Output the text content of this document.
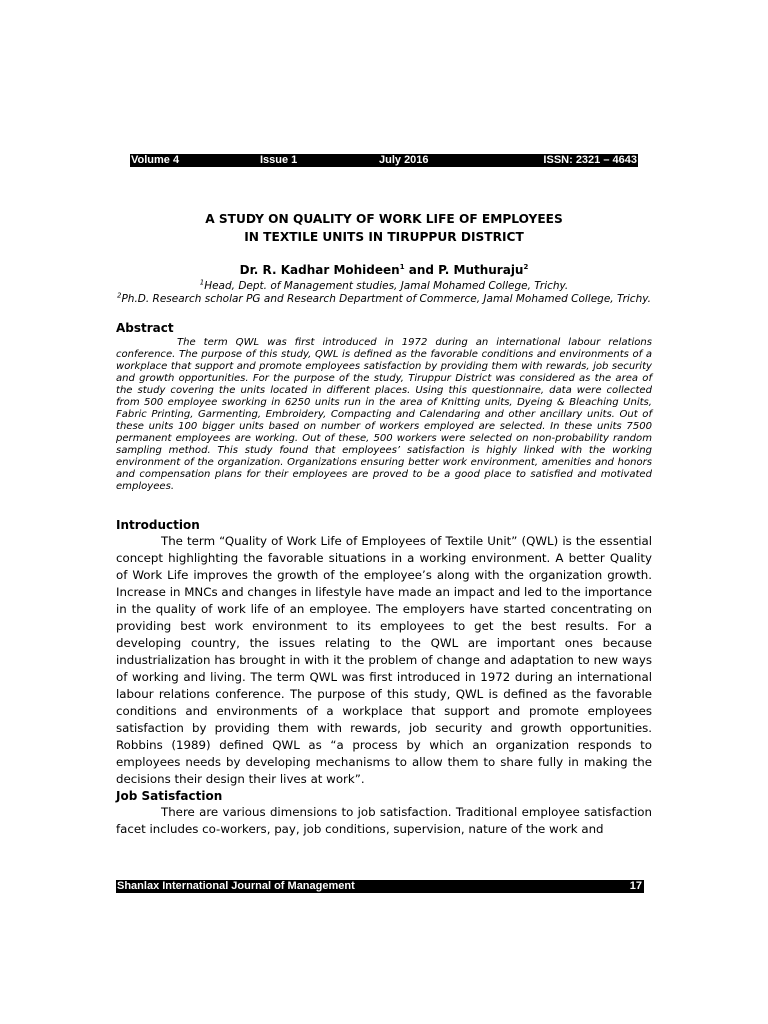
Volume 4	Issue 1	July 2016	ISSN: 2321 – 4643
A STUDY ON QUALITY OF WORK LIFE OF EMPLOYEES
IN TEXTILE UNITS IN TIRUPPUR DISTRICT
Dr. R. Kadhar Mohideen$^1$ and P. Muthuraju$^2$
$^1$Head, Dept. of Management studies, Jamal Mohamed College, Trichy.
$^2$Ph.D. Research scholar PG and Research Department of Commerce, Jamal Mohamed College, Trichy.
Abstract
The term QWL was first introduced in 1972 during an international labour relations conference. The purpose of this study, QWL is defined as the favorable conditions and environments of a workplace that support and promote employees satisfaction by providing them with rewards, job security and growth opportunities. For the purpose of the study, Tiruppur District was considered as the area of the study covering the units located in different places. Using this questionnaire, data were collected from 500 employee sworking in 6250 units run in the area of Knitting units, Dyeing & Bleaching Units, Fabric Printing, Garmenting, Embroidery, Compacting and Calendaring and other ancillary units. Out of these units 100 bigger units based on number of workers employed are selected. In these units 7500 permanent employees are working. Out of these, 500 workers were selected on non-probability random sampling method. This study found that employees’ satisfaction is highly linked with the working environment of the organization. Organizations ensuring better work environment, amenities and honors and compensation plans for their employees are proved to be a good place to satisfied and motivated employees.
Introduction
The term “Quality of Work Life of Employees of Textile Unit” (QWL) is the essential concept highlighting the favorable situations in a working environment. A better Quality of Work Life improves the growth of the employee’s along with the organization growth. Increase in MNCs and changes in lifestyle have made an impact and led to the importance in the quality of work life of an employee. The employers have started concentrating on providing best work environment to its employees to get the best results. For a developing country, the issues relating to the QWL are important ones because industrialization has brought in with it the problem of change and adaptation to new ways of working and living. The term QWL was first introduced in 1972 during an international labour relations conference. The purpose of this study, QWL is defined as the favorable conditions and environments of a workplace that support and promote employees satisfaction by providing them with rewards, job security and growth opportunities. Robbins (1989) defined QWL as “a process by which an organization responds to employees needs by developing mechanisms to allow them to share fully in making the decisions their design their lives at work”.
Job Satisfaction
There are various dimensions to job satisfaction. Traditional employee satisfaction facet includes co-workers, pay, job conditions, supervision, nature of the work and
Shanlax International Journal of Management	17
